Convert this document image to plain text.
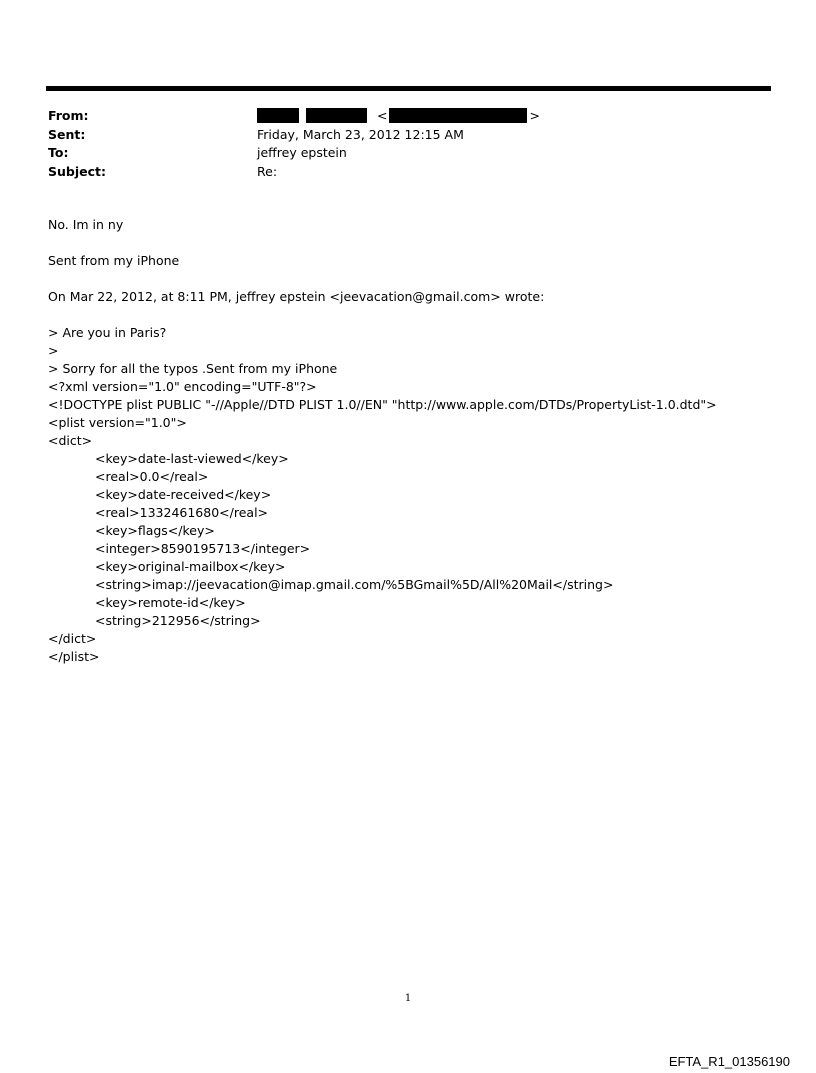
From:	<	>
Sent:	Friday, March 23, 2012 12:15 AM
To:	jeffrey epstein
Subject:	Re:
No. Im in ny
Sent from my iPhone
On Mar 22, 2012, at 8:11 PM, jeffrey epstein <jeevacation@gmail.com> wrote:
> Are you in Paris?
>
> Sorry for all the typos .Sent from my iPhone
<?xml version="1.0" encoding="UTF-8"?>
<!DOCTYPE plist PUBLIC "-//Apple//DTD PLIST 1.0//EN" "http://www.apple.com/DTDs/PropertyList-1.0.dtd">
<plist version="1.0">
<dict>
<key>date-last-viewed</key>
<real>0.0</real>
<key>date-received</key>
<real>1332461680</real>
<key>flags</key>
<integer>8590195713</integer>
<key>original-mailbox</key>
<string>imap://jeevacation@imap.gmail.com/%5BGmail%5D/All%20Mail</string>
<key>remote-id</key>
<string>212956</string>
</dict>
</plist>
1
EFTA_R1_01356190
